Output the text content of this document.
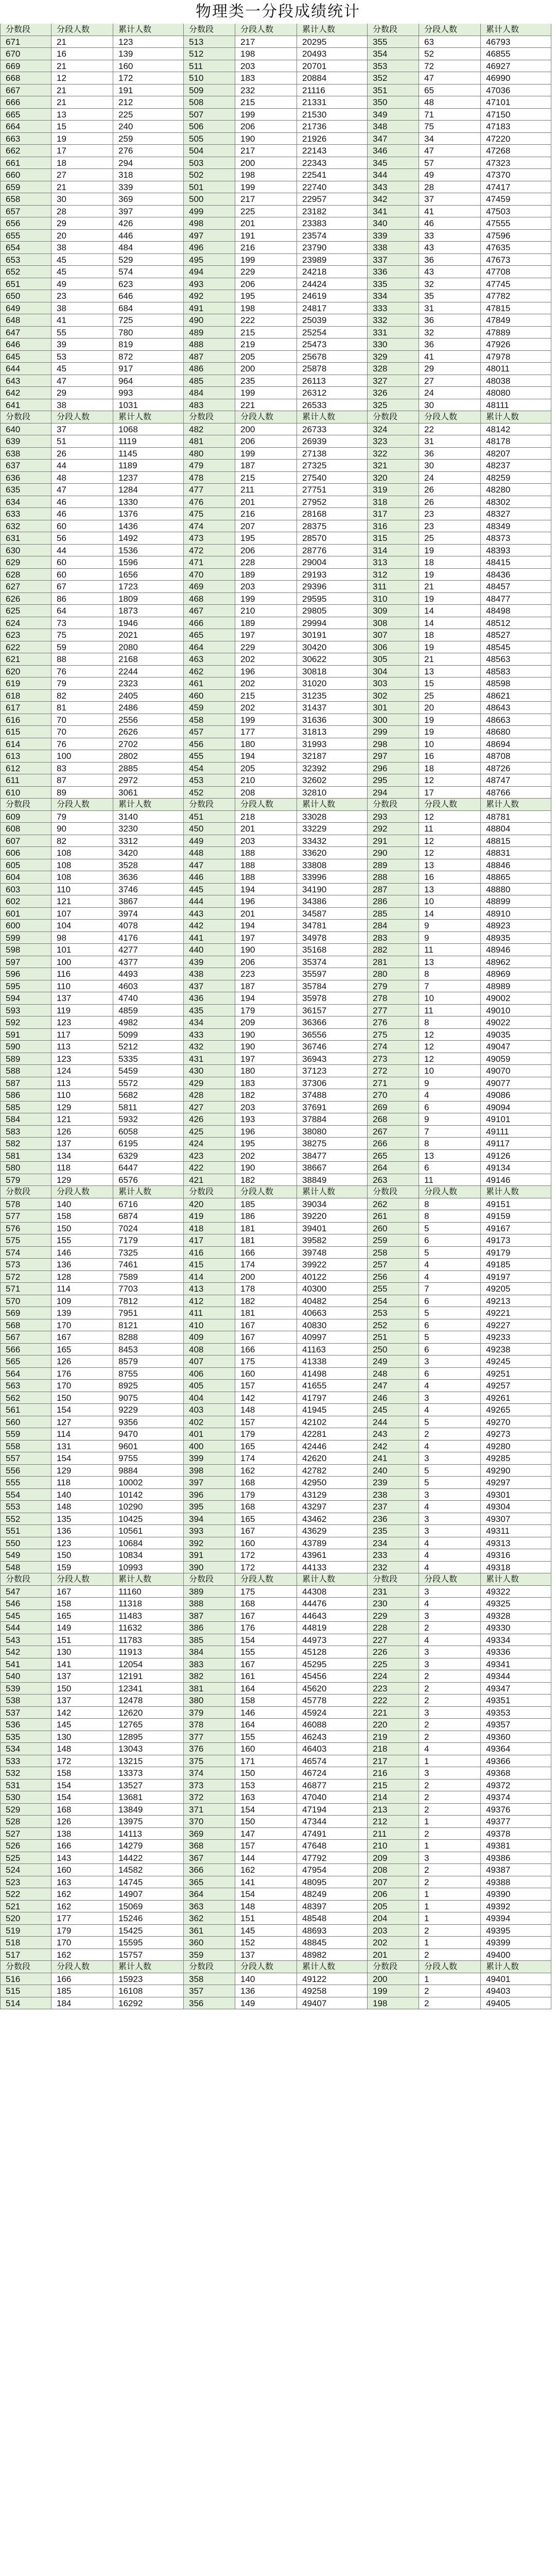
物理类一分段成绩统计
分数段
671
670
669
668
667
666
665
664
663
662
661
660
659
658
657
656
655
654
653
652
651
650
649
648
647
646
645
644
643
642
641
分数段
640
639
638
637
636
635
634
633
632
631
630
629
628
627
626
625
624
623
622
621
620
619
618
617
616
615
614
613
612
611
610
分数段
609
608
607
606
605
604
603
602
601
600
599
598
597
596
595
594
593
592
591
590
589
588
587
586
585
584
583
582
581
580
579
分数段
578
577
576
575
574
573
572
571
570
569
568
567
566
565
564
563
562
561
560
559
558
557
556
555
554
553
552
551
550
549
548
分数段
547
546
545
544
543
542
541
540
539
538
537
536
535
534
533
532
531
530
529
528
527
526
525
524
523
522
521
520
519
518
517
分数段
516
515
514
分段人数
21
16
21
12
21
21
13
15
19
17
18
27
21
30
28
29
20
38
45
45
49
23
38
41
55
39
53
45
47
29
38
分段人数
37
51
26
44
48
47
46
46
60
56
44
60
60
67
86
64
73
75
59
88
76
79
82
81
70
70
76
100
83
87
89
分段人数
79
90
82
108
108
108
110
121
107
104
98
101
100
116
110
137
119
123
117
113
123
124
113
110
129
121
126
137
134
118
129
分段人数
140
158
150
155
146
136
128
114
109
139
170
167
165
126
176
170
150
154
127
114
131
154
129
118
140
148
135
136
123
150
159
分段人数
167
158
165
149
151
130
141
137
150
137
142
145
130
148
172
158
154
154
168
126
138
166
143
160
163
162
162
177
179
170
162
分段人数
166
185
184
累计人数
123
139
160
172
191
212
225
240
259
276
294
318
339
369
397
426
446
484
529
574
623
646
684
725
780
819
872
917
964
993
1031
累计人数
1068
1119
1145
1189
1237
1284
1330
1376
1436
1492
1536
1596
1656
1723
1809
1873
1946
2021
2080
2168
2244
2323
2405
2486
2556
2626
2702
2802
2885
2972
3061
累计人数
3140
3230
3312
3420
3528
3636
3746
3867
3974
4078
4176
4277
4377
4493
4603
4740
4859
4982
5099
5212
5335
5459
5572
5682
5811
5932
6058
6195
6329
6447
6576
累计人数
6716
6874
7024
7179
7325
7461
7589
7703
7812
7951
8121
8288
8453
8579
8755
8925
9075
9229
9356
9470
9601
9755
9884
10002
10142
10290
10425
10561
10684
10834
10993
累计人数
11160
11318
11483
11632
11783
11913
12054
12191
12341
12478
12620
12765
12895
13043
13215
13373
13527
13681
13849
13975
14113
14279
14422
14582
14745
14907
15069
15246
15425
15595
15757
累计人数
15923
16108
16292
分数段
513
512
511
510
509
508
507
506
505
504
503
502
501
500
499
498
497
496
495
494
493
492
491
490
489
488
487
486
485
484
483
分数段
482
481
480
479
478
477
476
475
474
473
472
471
470
469
468
467
466
465
464
463
462
461
460
459
458
457
456
455
454
453
452
分数段
451
450
449
448
447
446
445
444
443
442
441
440
439
438
437
436
435
434
433
432
431
430
429
428
427
426
425
424
423
422
421
分数段
420
419
418
417
416
415
414
413
412
411
410
409
408
407
406
405
404
403
402
401
400
399
398
397
396
395
394
393
392
391
390
分数段
389
388
387
386
385
384
383
382
381
380
379
378
377
376
375
374
373
372
371
370
369
368
367
366
365
364
363
362
361
360
359
分数段
358
357
356
分段人数
217
198
203
183
232
215
199
206
190
217
200
198
199
217
225
201
191
216
199
229
206
195
198
222
215
219
205
200
235
199
221
分段人数
200
206
199
187
215
211
201
216
207
195
206
228
189
203
199
210
189
197
229
202
196
202
215
202
199
177
180
194
205
210
208
分段人数
218
201
203
188
188
188
194
196
201
194
197
190
206
223
187
194
179
209
190
190
197
180
183
182
203
193
196
195
202
190
182
分段人数
185
186
181
181
166
174
200
178
182
181
167
167
166
175
160
157
142
148
157
179
165
174
162
168
179
168
165
167
160
172
172
分段人数
175
168
167
176
154
155
167
161
164
158
146
164
155
160
171
150
153
163
154
150
147
157
144
162
141
154
148
151
145
152
137
分段人数
140
136
149
累计人数
20295
20493
20701
20884
21116
21331
21530
21736
21926
22143
22343
22541
22740
22957
23182
23383
23574
23790
23989
24218
24424
24619
24817
25039
25254
25473
25678
25878
26113
26312
26533
累计人数
26733
26939
27138
27325
27540
27751
27952
28168
28375
28570
28776
29004
29193
29396
29595
29805
29994
30191
30420
30622
30818
31020
31235
31437
31636
31813
31993
32187
32392
32602
32810
累计人数
33028
33229
33432
33620
33808
33996
34190
34386
34587
34781
34978
35168
35374
35597
35784
35978
36157
36366
36556
36746
36943
37123
37306
37488
37691
37884
38080
38275
38477
38667
38849
累计人数
39034
39220
39401
39582
39748
39922
40122
40300
40482
40663
40830
40997
41163
41338
41498
41655
41797
41945
42102
42281
42446
42620
42782
42950
43129
43297
43462
43629
43789
43961
44133
累计人数
44308
44476
44643
44819
44973
45128
45295
45456
45620
45778
45924
46088
46243
46403
46574
46724
46877
47040
47194
47344
47491
47648
47792
47954
48095
48249
48397
48548
48693
48845
48982
累计人数
49122
49258
49407
分数段
355
354
353
352
351
350
349
348
347
346
345
344
343
342
341
340
339
338
337
336
335
334
333
332
331
330
329
328
327
326
325
分数段
324
323
322
321
320
319
318
317
316
315
314
313
312
311
310
309
308
307
306
305
304
303
302
301
300
299
298
297
296
295
294
分数段
293
292
291
290
289
288
287
286
285
284
283
282
281
280
279
278
277
276
275
274
273
272
271
270
269
268
267
266
265
264
263
分数段
262
261
260
259
258
257
256
255
254
253
252
251
250
249
248
247
246
245
244
243
242
241
240
239
238
237
236
235
234
233
232
分数段
231
230
229
228
227
226
225
224
223
222
221
220
219
218
217
216
215
214
213
212
211
210
209
208
207
206
205
204
203
202
201
分数段
200
199
198
分段人数
63
52
72
47
65
48
71
75
34
47
57
49
28
37
41
46
33
43
36
43
32
35
31
36
32
36
41
29
27
24
30
分段人数
22
31
36
30
24
26
26
23
23
25
19
18
19
21
19
14
14
18
19
21
13
15
25
20
19
19
10
16
18
12
17
分段人数
12
11
12
12
13
16
13
10
14
9
9
11
13
8
7
10
11
8
12
12
12
10
9
4
6
9
7
8
13
6
11
分段人数
8
8
5
6
5
4
4
7
6
5
6
5
6
3
6
4
3
4
5
2
4
3
5
5
3
4
3
3
4
4
4
分段人数
3
4
3
2
4
3
3
2
2
2
3
2
2
4
1
3
2
2
2
1
2
1
3
2
2
1
1
1
2
1
2
分段人数
1
2
2
累计人数
46793
46855
46927
46990
47036
47101
47150
47183
47220
47268
47323
47370
47417
47459
47503
47555
47596
47635
47673
47708
47745
47782
47815
47849
47889
47926
47978
48011
48038
48080
48111
累计人数
48142
48178
48207
48237
48259
48280
48302
48327
48349
48373
48393
48415
48436
48457
48477
48498
48512
48527
48545
48563
48583
48598
48621
48643
48663
48680
48694
48708
48726
48747
48766
累计人数
48781
48804
48815
48831
48846
48865
48880
48899
48910
48923
48935
48946
48962
48969
48989
49002
49010
49022
49035
49047
49059
49070
49077
49086
49094
49101
49111
49117
49126
49134
49146
累计人数
49151
49159
49167
49173
49179
49185
49197
49205
49213
49221
49227
49233
49238
49245
49251
49257
49261
49265
49270
49273
49280
49285
49290
49297
49301
49304
49307
49311
49313
49316
49318
累计人数
49322
49325
49328
49330
49334
49336
49341
49344
49347
49351
49353
49357
49360
49364
49366
49368
49372
49374
49376
49377
49378
49381
49386
49387
49388
49390
49392
49394
49395
49399
49400
累计人数
49401
49403
49405
